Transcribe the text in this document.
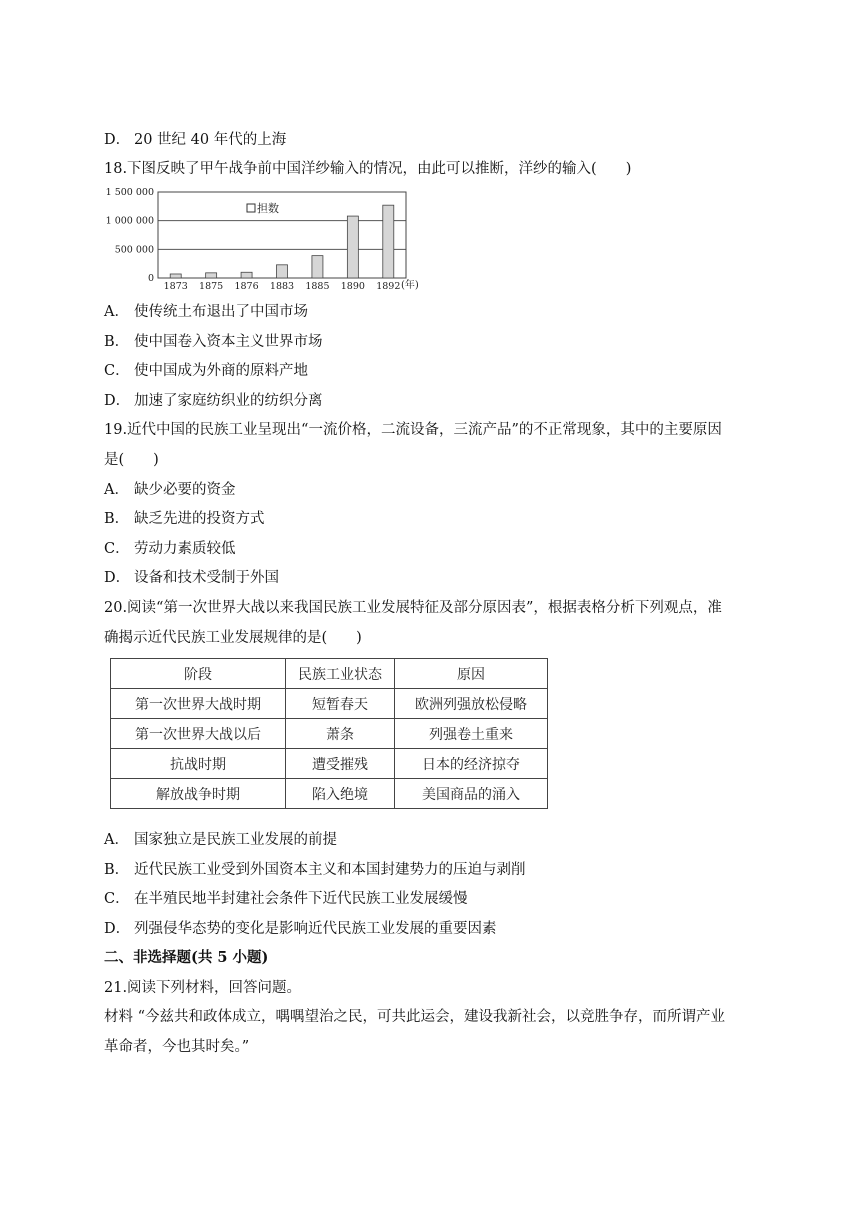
D． 20 世纪 40 年代的上海
18.下图反映了甲午战争前中国洋纱输入的情况，由此可以推断，洋纱的输入(　　)
1 500 000
1 000 000
500 000
0
1873 1875 1876 1883 1885 1890 1892
担数
(年)
A． 使传统土布退出了中国市场
B． 使中国卷入资本主义世界市场
C． 使中国成为外商的原料产地
D． 加速了家庭纺织业的纺织分离
19.近代中国的民族工业呈现出“一流价格，二流设备，三流产品”的不正常现象，其中的主要原因
是(　　)
A． 缺少必要的资金
B． 缺乏先进的投资方式
C． 劳动力素质较低
D． 设备和技术受制于外国
20.阅读“第一次世界大战以来我国民族工业发展特征及部分原因表”，根据表格分析下列观点，准
确揭示近代民族工业发展规律的是(　　)
阶段	民族工业状态	原因
第一次世界大战时期	短暂春天	欧洲列强放松侵略
第一次世界大战以后	萧条	列强卷土重来
抗战时期	遭受摧残	日本的经济掠夺
解放战争时期	陷入绝境	美国商品的涌入
A． 国家独立是民族工业发展的前提
B． 近代民族工业受到外国资本主义和本国封建势力的压迫与剥削
C． 在半殖民地半封建社会条件下近代民族工业发展缓慢
D． 列强侵华态势的变化是影响近代民族工业发展的重要因素
二、非选择题(共 5 小题)
21.阅读下列材料，回答问题。
材料 “今兹共和政体成立，喁喁望治之民，可共此运会，建设我新社会，以竞胜争存，而所谓产业
革命者，今也其时矣。”
